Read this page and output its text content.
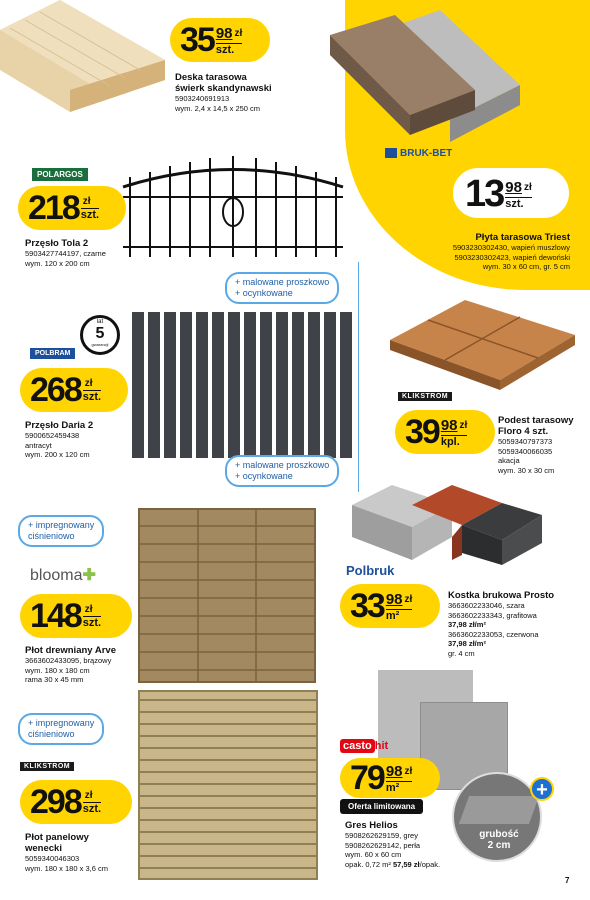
35 98 zł
szt.
Deska tarasowa
świerk skandynawski
5903240691913
wym. 2,4 x 14,5 x 250 cm
BRUK-BET
13 98 zł
szt.
Płyta tarasowa Triest
5903230302430, wapień muszlowy
5903230302423, wapień dewoński
wym. 30 x 60 cm, gr. 5 cm
POLARGOS
218 zł
szt.
Przęsło Tola 2
5903427744197, czarne
wym. 120 x 200 cm
+ malowane proszkowo
+ ocynkowane
lat
5
gwarancji
POLBRAM
268 zł
szt.
Przęsło Daria 2
5900652459438
antracyt
wym. 200 x 120 cm
+ malowane proszkowo
+ ocynkowane
KLIKSTROM
39 98 zł
kpl.
Podest tarasowy
Floro 4 szt.
5059340797373
5059340066035
akacja
wym. 30 x 30 cm
+ impregnowany
ciśnieniowo
blooma✚
148 zł
szt.
Płot drewniany Arve
3663602433095, brązowy
wym. 180 x 180 cm
rama 30 x 45 mm
Polbruk
33 98 zł
m²
Kostka brukowa Prosto
3663602233046, szara
3663602233343, grafitowa
37,98 zł/m²
3663602233053, czerwona
37,98 zł/m²
gr. 4 cm
+ impregnowany
ciśnieniowo
KLIKSTROM
298 zł
szt.
Płot panelowy
wenecki
5059340046303
wym. 180 x 180 x 3,6 cm
casto hit
79 98 zł
m²
Oferta limitowana
Gres Helios
5908262629159, grey
5908262629142, perła
wym. 60 x 60 cm
opak. 0,72 m² 57,59 zł/opak.
grubość
2 cm
+
7
